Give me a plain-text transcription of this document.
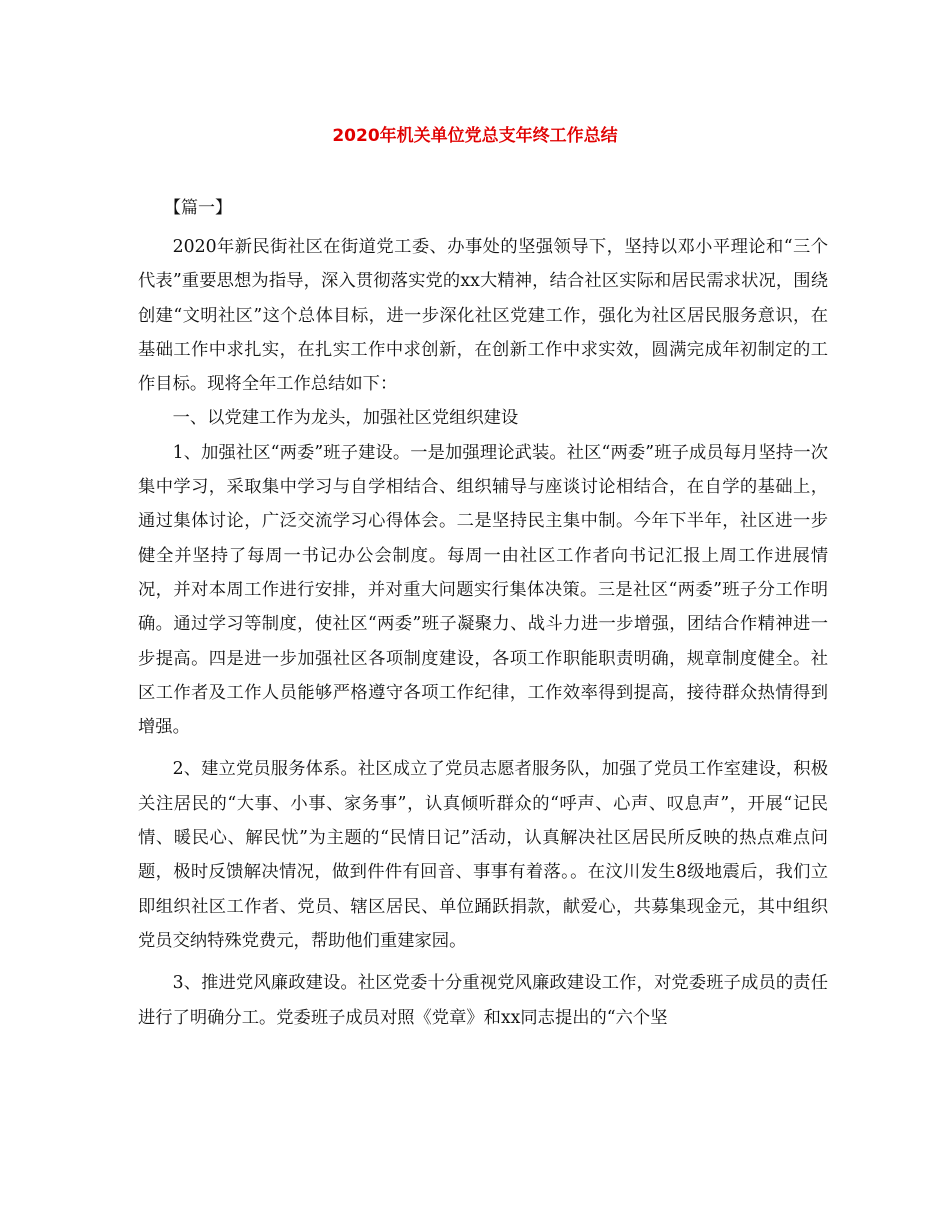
2020年机关单位党总支年终工作总结
【篇一】

2020年新民街社区在街道党工委、办事处的坚强领导下，坚持以邓小平理论和“三个代表”重要思想为指导，深入贯彻落实党的xx大精神，结合社区实际和居民需求状况，围绕创建“文明社区”这个总体目标，进一步深化社区党建工作，强化为社区居民服务意识，在基础工作中求扎实，在扎实工作中求创新，在创新工作中求实效，圆满完成年初制定的工作目标。现将全年工作总结如下：

一、以党建工作为龙头，加强社区党组织建设

1、加强社区“两委”班子建设。一是加强理论武装。社区“两委”班子成员每月坚持一次集中学习，采取集中学习与自学相结合、组织辅导与座谈讨论相结合，在自学的基础上，通过集体讨论，广泛交流学习心得体会。二是坚持民主集中制。今年下半年，社区进一步健全并坚持了每周一书记办公会制度。每周一由社区工作者向书记汇报上周工作进展情况，并对本周工作进行安排，并对重大问题实行集体决策。三是社区“两委”班子分工作明确。通过学习等制度，使社区“两委”班子凝聚力、战斗力进一步增强，团结合作精神进一步提高。四是进一步加强社区各项制度建设，各项工作职能职责明确，规章制度健全。社区工作者及工作人员能够严格遵守各项工作纪律，工作效率得到提高，接待群众热情得到增强。

2、建立党员服务体系。社区成立了党员志愿者服务队，加强了党员工作室建设，积极关注居民的“大事、小事、家务事”，认真倾听群众的“呼声、心声、叹息声”，开展“记民情、暖民心、解民忧”为主题的“民情日记”活动，认真解决社区居民所反映的热点难点问题，极时反馈解决情况，做到件件有回音、事事有着落。。在汶川发生8级地震后，我们立即组织社区工作者、党员、辖区居民、单位踊跃捐款，献爱心，共募集现金元，其中组织党员交纳特殊党费元，帮助他们重建家园。

3、推进党风廉政建设。社区党委十分重视党风廉政建设工作，对党委班子成员的责任进行了明确分工。党委班子成员对照《党章》和xx同志提出的“六个坚
